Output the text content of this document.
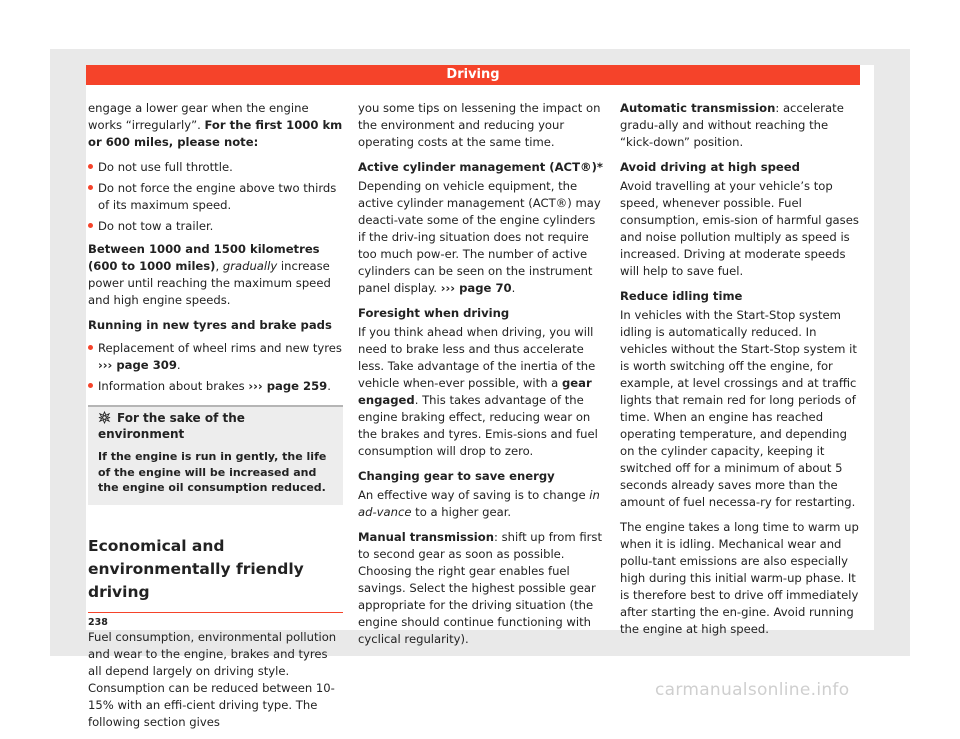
Driving

engage a lower gear when the engine works “irregularly”. For the first 1000 km or 600 miles, please note:

Do not use full throttle.
Do not force the engine above two thirds of its maximum speed.
Do not tow a trailer.

Between 1000 and 1500 kilometres (600 to 1000 miles), gradually increase power until reaching the maximum speed and high engine speeds.

Running in new tyres and brake pads

Replacement of wheel rims and new tyres ››› page 309.
Information about brakes ››› page 259.
For the sake of the environment
If the engine is run in gently, the life of the engine will be increased and the engine oil consumption reduced.
Economical and environmentally friendly driving

Fuel consumption, environmental pollution and wear to the engine, brakes and tyres all depend largely on driving style. Consumption can be reduced between 10-15% with an effi-cient driving type. The following section gives

you some tips on lessening the impact on the environment and reducing your operating costs at the same time.

Active cylinder management (ACT®)*

Depending on vehicle equipment, the active cylinder management (ACT®) may deacti-vate some of the engine cylinders if the driv-ing situation does not require too much pow-er. The number of active cylinders can be seen on the instrument panel display. ››› page 70.

Foresight when driving

If you think ahead when driving, you will need to brake less and thus accelerate less. Take advantage of the inertia of the vehicle when-ever possible, with a gear engaged. This takes advantage of the engine braking effect, reducing wear on the brakes and tyres. Emis-sions and fuel consumption will drop to zero.

Changing gear to save energy

An effective way of saving is to change in ad-vance to a higher gear.

Manual transmission: shift up from first to second gear as soon as possible. Choosing the right gear enables fuel savings. Select the highest possible gear appropriate for the driving situation (the engine should continue functioning with cyclical regularity).

Automatic transmission: accelerate gradu-ally and without reaching the “kick-down” position.

Avoid driving at high speed

Avoid travelling at your vehicle’s top speed, whenever possible. Fuel consumption, emis-sion of harmful gases and noise pollution multiply as speed is increased. Driving at moderate speeds will help to save fuel.

Reduce idling time

In vehicles with the Start-Stop system idling is automatically reduced. In vehicles without the Start-Stop system it is worth switching off the engine, for example, at level crossings and at traffic lights that remain red for long periods of time. When an engine has reached operating temperature, and depending on the cylinder capacity, keeping it switched off for a minimum of about 5 seconds already saves more than the amount of fuel necessa-ry for restarting.

The engine takes a long time to warm up when it is idling. Mechanical wear and pollu-tant emissions are also especially high during this initial warm-up phase. It is therefore best to drive off immediately after starting the en-gine. Avoid running the engine at high speed.

238
carmanualsonline.info
